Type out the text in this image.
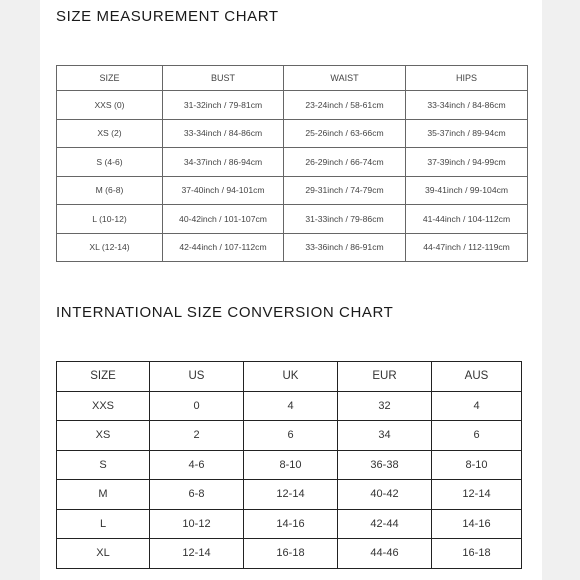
SIZE MEASUREMENT CHART
SIZE	BUST	WAIST	HIPS
XXS (0)	31-32inch / 79-81cm	23-24inch / 58-61cm	33-34inch / 84-86cm
XS (2)	33-34inch / 84-86cm	25-26inch / 63-66cm	35-37inch / 89-94cm
S (4-6)	34-37inch / 86-94cm	26-29inch / 66-74cm	37-39inch / 94-99cm
M (6-8)	37-40inch / 94-101cm	29-31inch / 74-79cm	39-41inch / 99-104cm
L (10-12)	40-42inch / 101-107cm	31-33inch / 79-86cm	41-44inch / 104-112cm
XL (12-14)	42-44inch / 107-112cm	33-36inch / 86-91cm	44-47inch / 112-119cm
INTERNATIONAL SIZE CONVERSION CHART
SIZE	US	UK	EUR	AUS
XXS	0	4	32	4
XS	2	6	34	6
S	4-6	8-10	36-38	8-10
M	6-8	12-14	40-42	12-14
L	10-12	14-16	42-44	14-16
XL	12-14	16-18	44-46	16-18
